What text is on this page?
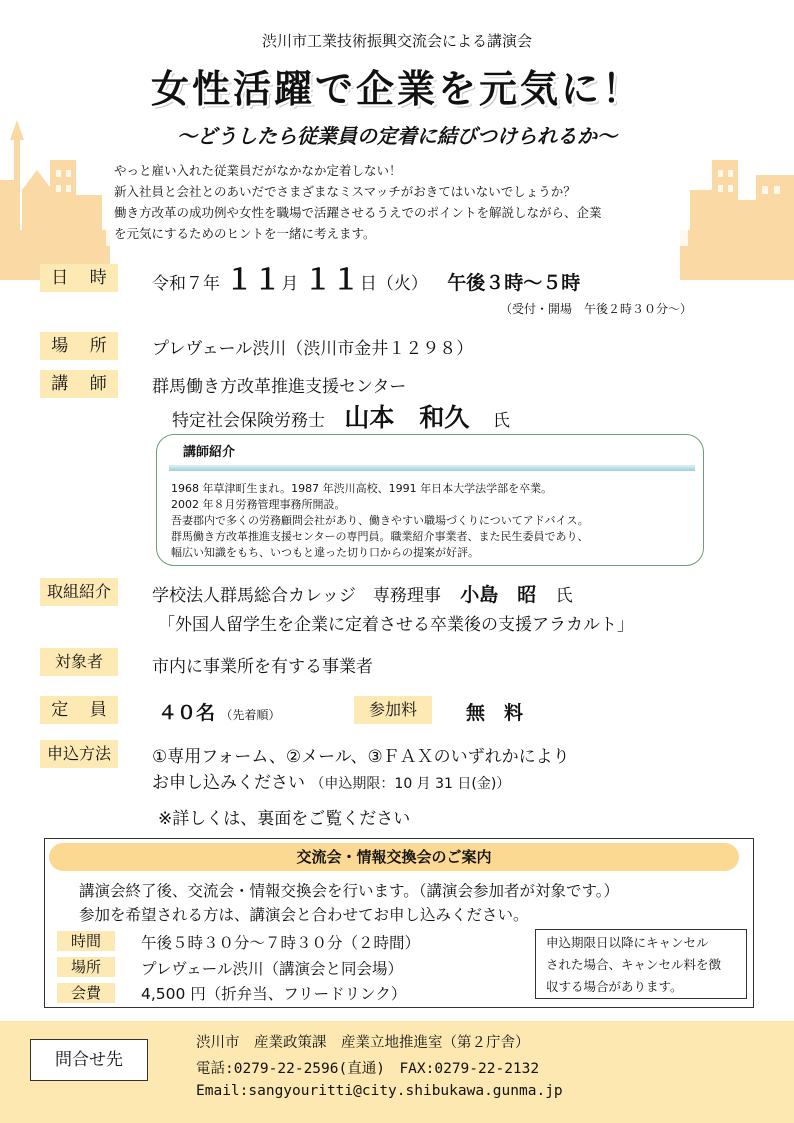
渋川市工業技術振興交流会による講演会
女性活躍で企業を元気に！
～どうしたら従業員の定着に結びつけられるか～
やっと雇い入れた従業員だがなかなか定着しない！
新入社員と会社とのあいだでさまざまなミスマッチがおきてはいないでしょうか？
働き方改革の成功例や女性を職場で活躍させるうえでのポイントを解説しながら、企業
を元気にするためのヒントを一緒に考えます。
日 時 令和７年 １１月 １１日（火） 午後３時～５時
（受付・開場　午後２時３０分～）
場 所 プレヴェール渋川（渋川市金井１２９８）
講 師 群馬働き方改革推進支援センター
特定社会保険労務士 山本　和久 氏
講師紹介
1968 年草津町生まれ。1987 年渋川高校、1991 年日本大学法学部を卒業。
2002 年８月労務管理事務所開設。
吾妻郡内で多くの労務顧問会社があり、働きやすい職場づくりについてアドバイス。
群馬働き方改革推進支援センターの専門員。職業紹介事業者、また民生委員であり、
幅広い知識をもち、いつもと違った切り口からの提案が好評。
取組紹介	学校法人群馬総合カレッジ　専務理事 小島　昭 氏
「外国人留学生を企業に定着させる卒業後の支援アラカルト」
対象者	市内に事業所を有する事業者
定 員 ４０名 （先着順）	参加料	無　料
申込方法	①専用フォーム、②メール、③ＦＡＸのいずれかにより
お申し込みください （申込期限：10 月 31 日(金)）
※詳しくは、裏面をご覧ください
交流会・情報交換会のご案内
講演会終了後、交流会・情報交換会を行います。（講演会参加者が対象です。）
参加を希望される方は、講演会と合わせてお申し込みください。
時間	午後５時３０分～７時３０分（２時間）
場所	プレヴェール渋川（講演会と同会場）
会費	4,500 円（折弁当、フリードリンク）
申込期限日以降にキャンセル
された場合、キャンセル料を徴
収する場合があります。
問合せ先
渋川市　産業政策課　産業立地推進室（第２庁舎）
電話:0279-22-2596(直通)　FAX:0279-22-2132
Email:sangyouritti@city.shibukawa.gunma.jp
